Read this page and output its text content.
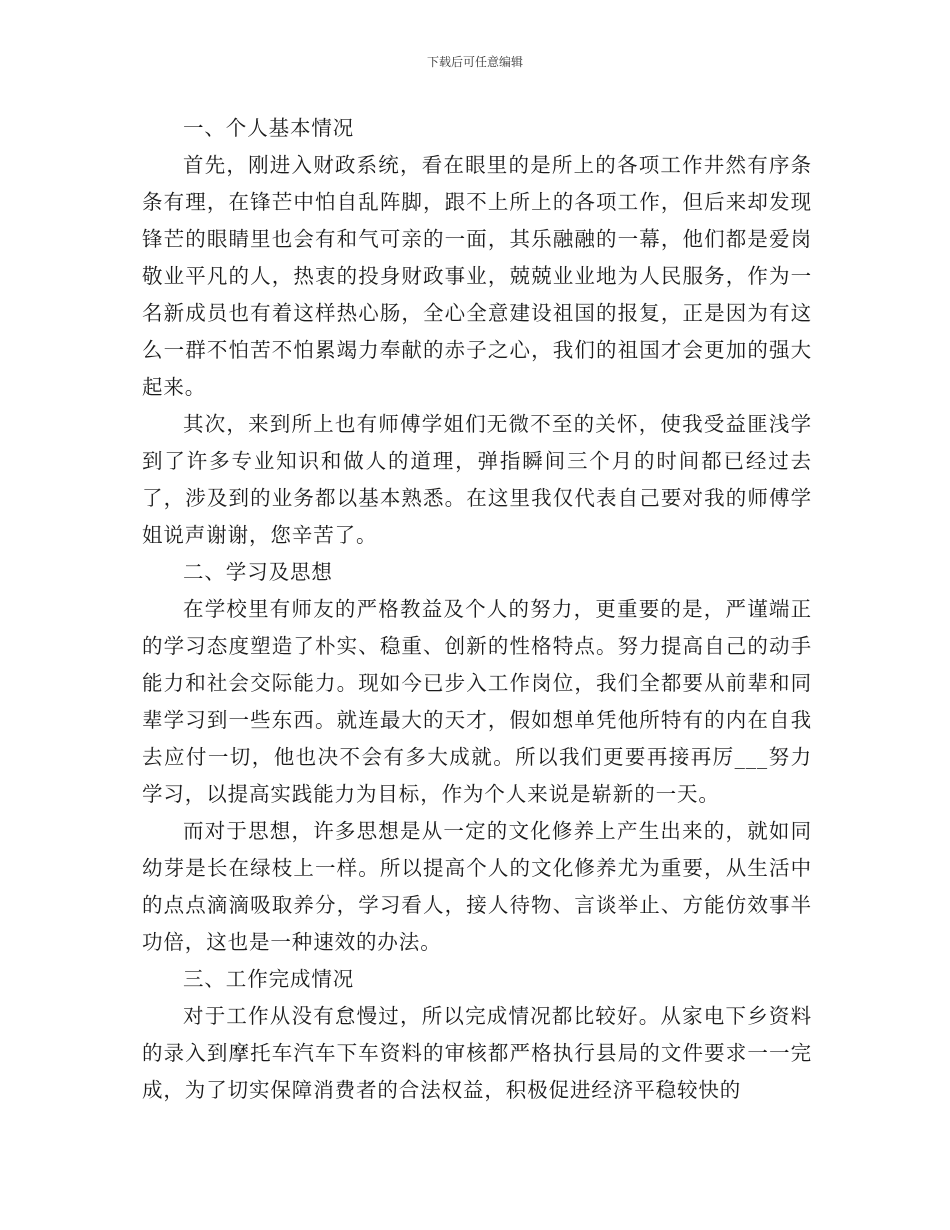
下载后可任意编辑

一、个人基本情况

首先，刚进入财政系统，看在眼里的是所上的各项工作井然有序条条有理，在锋芒中怕自乱阵脚，跟不上所上的各项工作，但后来却发现锋芒的眼睛里也会有和气可亲的一面，其乐融融的一幕，他们都是爱岗敬业平凡的人，热衷的投身财政事业，兢兢业业地为人民服务，作为一名新成员也有着这样热心肠，全心全意建设祖国的报复，正是因为有这么一群不怕苦不怕累竭力奉献的赤子之心，我们的祖国才会更加的强大起来。

其次，来到所上也有师傅学姐们无微不至的关怀，使我受益匪浅学到了许多专业知识和做人的道理，弹指瞬间三个月的时间都已经过去了，涉及到的业务都以基本熟悉。在这里我仅代表自己要对我的师傅学姐说声谢谢，您辛苦了。

二、学习及思想

在学校里有师友的严格教益及个人的努力，更重要的是，严谨端正的学习态度塑造了朴实、稳重、创新的性格特点。努力提高自己的动手能力和社会交际能力。现如今已步入工作岗位，我们全都要从前辈和同辈学习到一些东西。就连最大的天才，假如想单凭他所特有的内在自我去应付一切，他也决不会有多大成就。所以我们更要再接再厉___努力学习，以提高实践能力为目标，作为个人来说是崭新的一天。

而对于思想，许多思想是从一定的文化修养上产生出来的，就如同幼芽是长在绿枝上一样。所以提高个人的文化修养尤为重要，从生活中的点点滴滴吸取养分，学习看人，接人待物、言谈举止、方能仿效事半功倍，这也是一种速效的办法。

三、工作完成情况

对于工作从没有怠慢过，所以完成情况都比较好。从家电下乡资料的录入到摩托车汽车下车资料的审核都严格执行县局的文件要求一一完成，为了切实保障消费者的合法权益，积极促进经济平稳较快的
